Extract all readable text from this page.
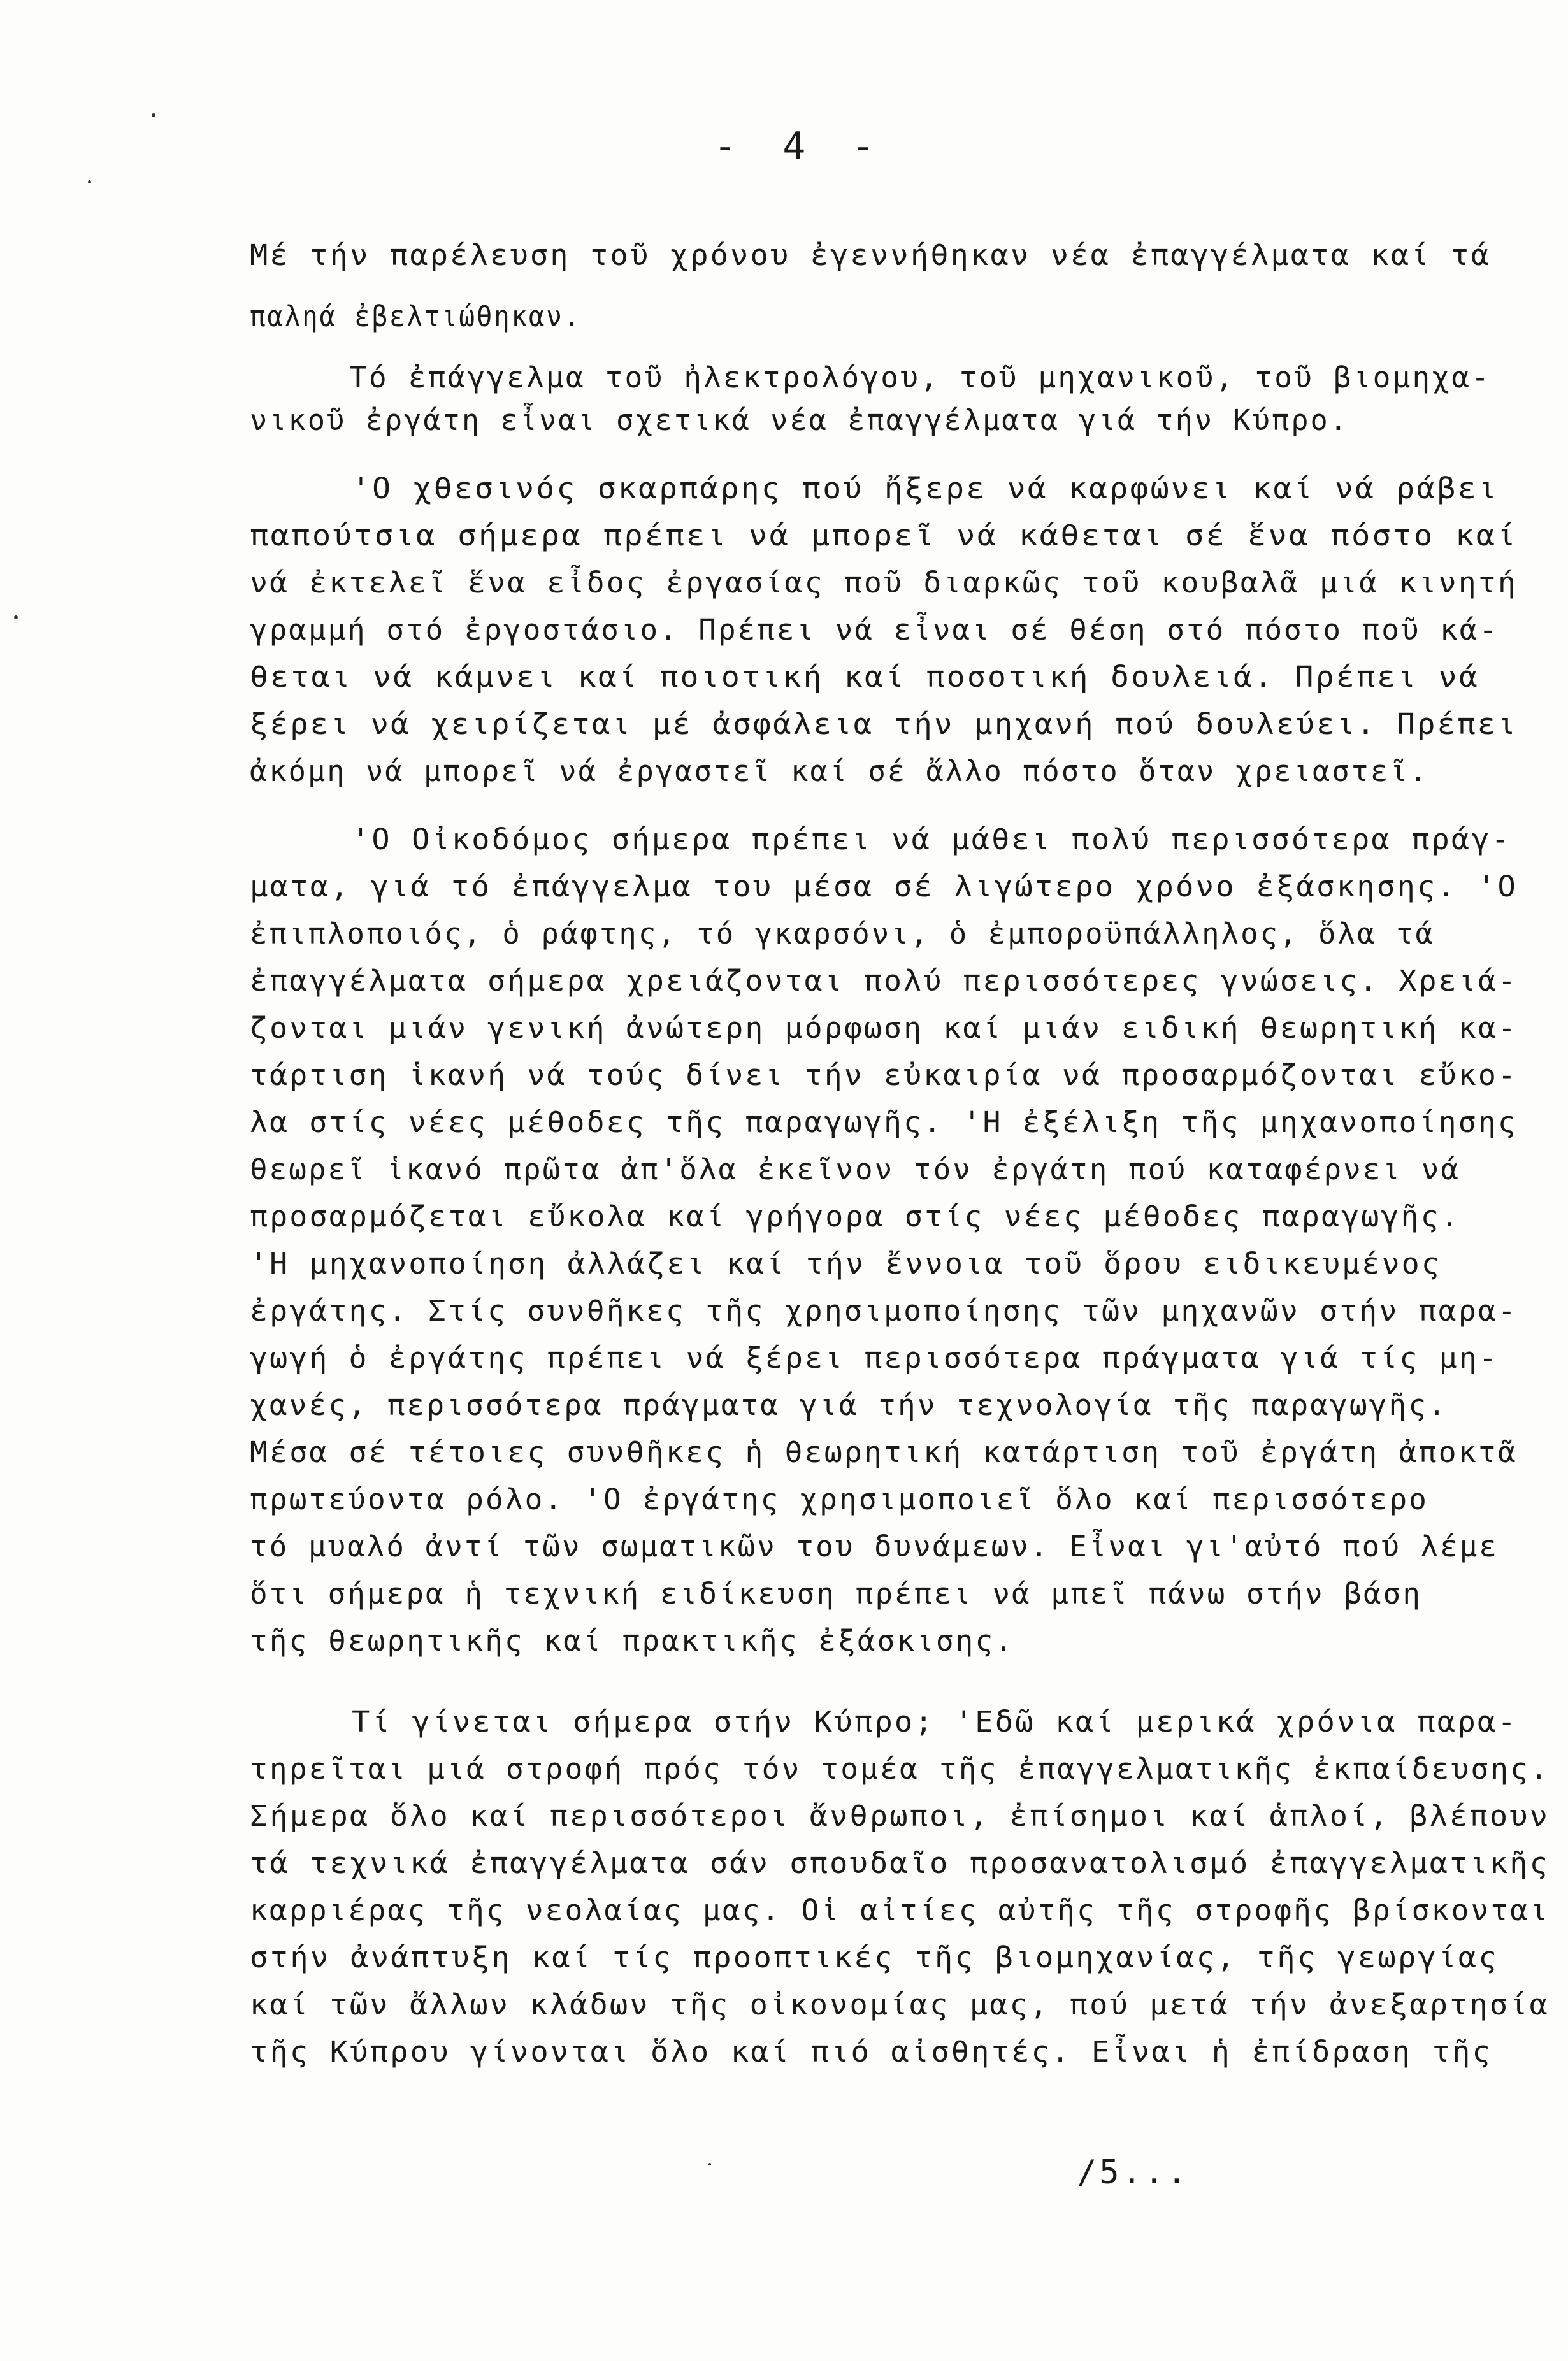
- 4 -
Μέ τήν παρέλευση τοῦ χρόνου ἐγεννήθηκαν νέα ἐπαγγέλματα καί τά
παληά ἐβελτιώθηκαν.
Τό ἐπάγγελμα τοῦ ἠλεκτρολόγου, τοῦ μηχανικοῦ, τοῦ βιομηχα-
νικοῦ ἐργάτη εἶναι σχετικά νέα ἐπαγγέλματα γιά τήν Κύπρο.
'Ο χθεσινός σκαρπάρης πού ἤξερε νά καρφώνει καί νά ράβει
παπούτσια σήμερα πρέπει νά μπορεῖ νά κάθεται σέ ἕνα πόστο καί
νά ἐκτελεῖ ἕνα εἶδος ἐργασίας ποῦ διαρκῶς τοῦ κουβαλᾶ μιά κινητή
γραμμή στό ἐργοστάσιο. Πρέπει νά εἶναι σέ θέση στό πόστο ποῦ κά-
θεται νά κάμνει καί ποιοτική καί ποσοτική δουλειά. Πρέπει νά
ξέρει νά χειρίζεται μέ ἀσφάλεια τήν μηχανή πού δουλεύει. Πρέπει
ἀκόμη νά μπορεῖ νά ἐργαστεῖ καί σέ ἄλλο πόστο ὅταν χρειαστεῖ.
'Ο Οἰκοδόμος σήμερα πρέπει νά μάθει πολύ περισσότερα πράγ-
ματα, γιά τό ἐπάγγελμα του μέσα σέ λιγώτερο χρόνο ἐξάσκησης. 'Ο
ἐπιπλοποιός, ὁ ράφτης, τό γκαρσόνι, ὁ ἐμποροϋπάλληλος, ὅλα τά
ἐπαγγέλματα σήμερα χρειάζονται πολύ περισσότερες γνώσεις. Χρειά-
ζονται μιάν γενική ἀνώτερη μόρφωση καί μιάν ειδική θεωρητική κα-
τάρτιση ἱκανή νά τούς δίνει τήν εὐκαιρία νά προσαρμόζονται εὔκο-
λα στίς νέες μέθοδες τῆς παραγωγῆς. 'Η ἐξέλιξη τῆς μηχανοποίησης
θεωρεῖ ἱκανό πρῶτα ἀπ'ὅλα ἐκεῖνον τόν ἐργάτη πού καταφέρνει νά
προσαρμόζεται εὔκολα καί γρήγορα στίς νέες μέθοδες παραγωγῆς.
'Η μηχανοποίηση ἀλλάζει καί τήν ἔννοια τοῦ ὅρου ειδικευμένος
ἐργάτης. Στίς συνθῆκες τῆς χρησιμοποίησης τῶν μηχανῶν στήν παρα-
γωγή ὁ ἐργάτης πρέπει νά ξέρει περισσότερα πράγματα γιά τίς μη-
χανές, περισσότερα πράγματα γιά τήν τεχνολογία τῆς παραγωγῆς.
Μέσα σέ τέτοιες συνθῆκες ἡ θεωρητική κατάρτιση τοῦ ἐργάτη ἀποκτᾶ
πρωτεύοντα ρόλο. 'Ο ἐργάτης χρησιμοποιεῖ ὅλο καί περισσότερο
τό μυαλό ἀντί τῶν σωματικῶν του δυνάμεων. Εἶναι γι'αὐτό πού λέμε
ὅτι σήμερα ἡ τεχνική ειδίκευση πρέπει νά μπεῖ πάνω στήν βάση
τῆς θεωρητικῆς καί πρακτικῆς ἐξάσκισης.
Τί γίνεται σήμερα στήν Κύπρο; 'Εδῶ καί μερικά χρόνια παρα-
τηρεῖται μιά στροφή πρός τόν τομέα τῆς ἐπαγγελματικῆς ἐκπαίδευσης.
Σήμερα ὅλο καί περισσότεροι ἄνθρωποι, ἐπίσημοι καί ἁπλοί, βλέπουν
τά τεχνικά ἐπαγγέλματα σάν σπουδαῖο προσανατολισμό ἐπαγγελματικῆς
καρριέρας τῆς νεολαίας μας. Οἱ αἰτίες αὐτῆς τῆς στροφῆς βρίσκονται
στήν ἀνάπτυξη καί τίς προοπτικές τῆς βιομηχανίας, τῆς γεωργίας
καί τῶν ἄλλων κλάδων τῆς οἰκονομίας μας, πού μετά τήν ἀνεξαρτησία
τῆς Κύπρου γίνονται ὅλο καί πιό αἰσθητές. Εἶναι ἡ ἐπίδραση τῆς
/5...
